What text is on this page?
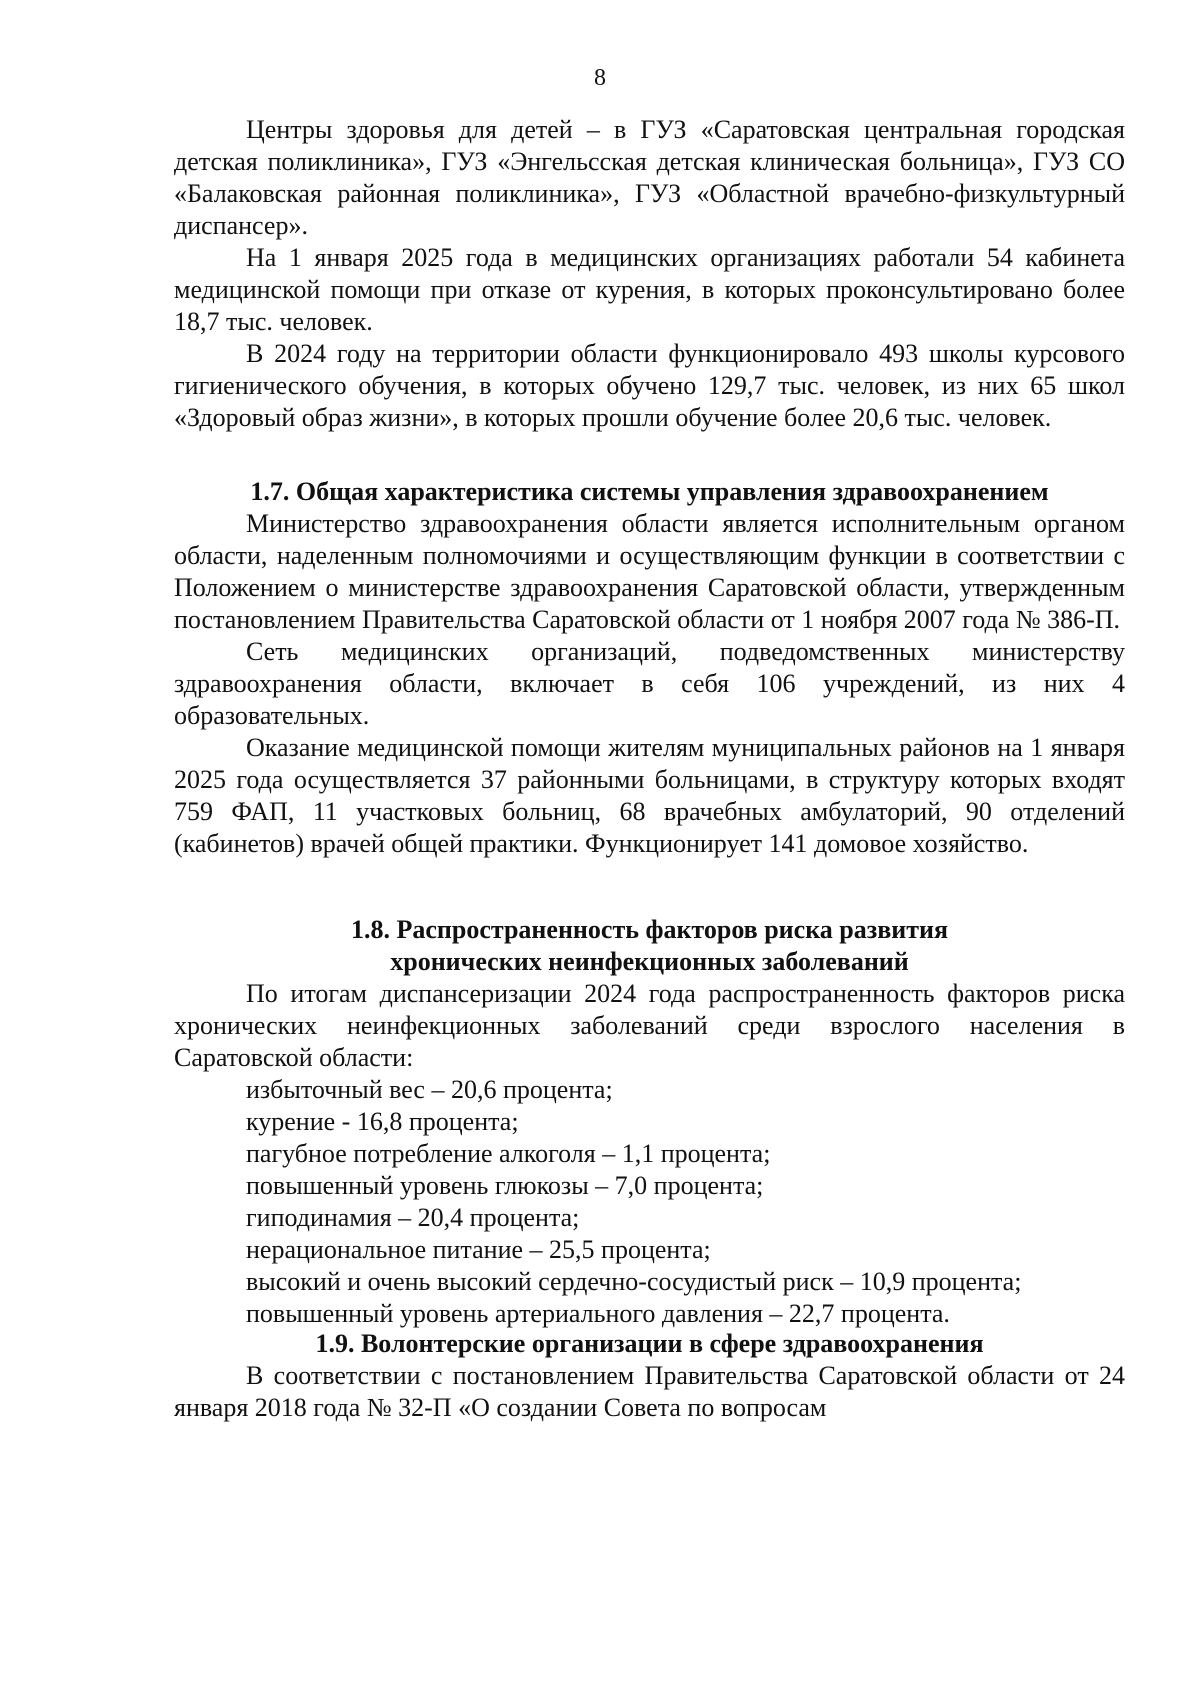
8

Центры здоровья для детей – в ГУЗ «Саратовская центральная городская детская поликлиника», ГУЗ «Энгельсская детская клиническая больница», ГУЗ СО «Балаковская районная поликлиника», ГУЗ «Областной врачебно-физкультурный диспансер».

На 1 января 2025 года в медицинских организациях работали 54 кабинета медицинской помощи при отказе от курения, в которых проконсультировано более 18,7 тыс. человек.

В 2024 году на территории области функционировало 493 школы курсового гигиенического обучения, в которых обучено 129,7 тыс. человек, из них 65 школ «Здоровый образ жизни», в которых прошли обучение более 20,6 тыс. человек.

1.7. Общая характеристика системы управления здравоохранением

Министерство здравоохранения области является исполнительным органом области, наделенным полномочиями и осуществляющим функции в соответствии с Положением о министерстве здравоохранения Саратовской области, утвержденным постановлением Правительства Саратовской области от 1 ноября 2007 года № 386-П.

Сеть медицинских организаций, подведомственных министерству здравоохранения области, включает в себя 106 учреждений, из них 4 образовательных.

Оказание медицинской помощи жителям муниципальных районов на 1 января 2025 года осуществляется 37 районными больницами, в структуру которых входят 759 ФАП, 11 участковых больниц, 68 врачебных амбулаторий, 90 отделений (кабинетов) врачей общей практики. Функционирует 141 домовое хозяйство.

1.8. Распространенность факторов риска развития
хронических неинфекционных заболеваний

По итогам диспансеризации 2024 года распространенность факторов риска хронических неинфекционных заболеваний среди взрослого населения в Саратовской области:

избыточный вес – 20,6 процента;
курение - 16,8 процента;
пагубное потребление алкоголя – 1,1 процента;
повышенный уровень глюкозы – 7,0 процента;
гиподинамия – 20,4 процента;
нерациональное питание – 25,5 процента;
высокий и очень высокий сердечно-сосудистый риск – 10,9 процента;
повышенный уровень артериального давления – 22,7 процента.
1.9. Волонтерские организации в сфере здравоохранения

В соответствии с постановлением Правительства Саратовской области от 24 января 2018 года № 32-П «О создании Совета по вопросам
